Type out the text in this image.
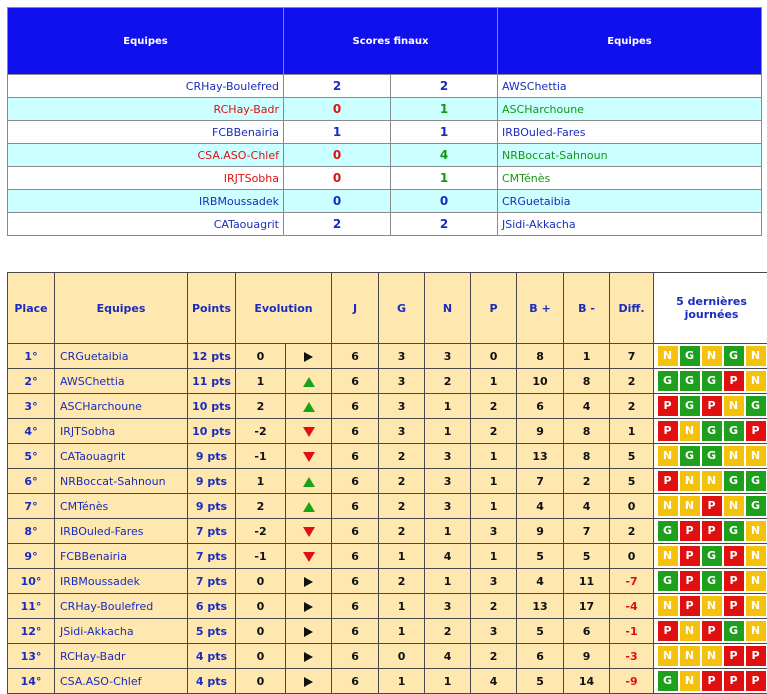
Equipes	Scores finaux		Equipes
CRHay-Boulefred	2	2	AWSChettia
RCHay-Badr	0	1	ASCHarchoune
FCBBenairia	1	1	IRBOuled-Fares
CSA.ASO-Chlef	0	4	NRBoccat-Sahnoun
IRJTSobha	0	1	CMTénès
IRBMoussadek	0	0	CRGuetaibia
CATaouagrit	2	2	JSidi-Akkacha
Place	Equipes	Points	Evolution		J	G	N	P	B +	B -	Diff.	5 dernières journées
1°	CRGuetaibia	12 pts	0		6	3	3	0	8	1	7	N G N G N

2°	AWSChettia	11 pts	1		6	3	2	1	10	8	2	G G G P N

3°	ASCHarchoune	10 pts	2		6	3	1	2	6	4	2	P G P N G

4°	IRJTSobha	10 pts	-2		6	3	1	2	9	8	1	P N G G P

5°	CATaouagrit	9 pts	-1		6	2	3	1	13	8	5	N G G N N

6°	NRBoccat-Sahnoun	9 pts	1		6	2	3	1	7	2	5	P N N G G

7°	CMTénès	9 pts	2		6	2	3	1	4	4	0	N N P N G

8°	IRBOuled-Fares	7 pts	-2		6	2	1	3	9	7	2	G P P G N

9°	FCBBenairia	7 pts	-1		6	1	4	1	5	5	0	N P G P N

10°	IRBMoussadek	7 pts	0		6	2	1	3	4	11	-7	G P G P N

11°	CRHay-Boulefred	6 pts	0		6	1	3	2	13	17	-4	N P N P N

12°	JSidi-Akkacha	5 pts	0		6	1	2	3	5	6	-1	P N P G N

13°	RCHay-Badr	4 pts	0		6	0	4	2	6	9	-3	N N N P P

14°	CSA.ASO-Chlef	4 pts	0		6	1	1	4	5	14	-9	G N P P P
